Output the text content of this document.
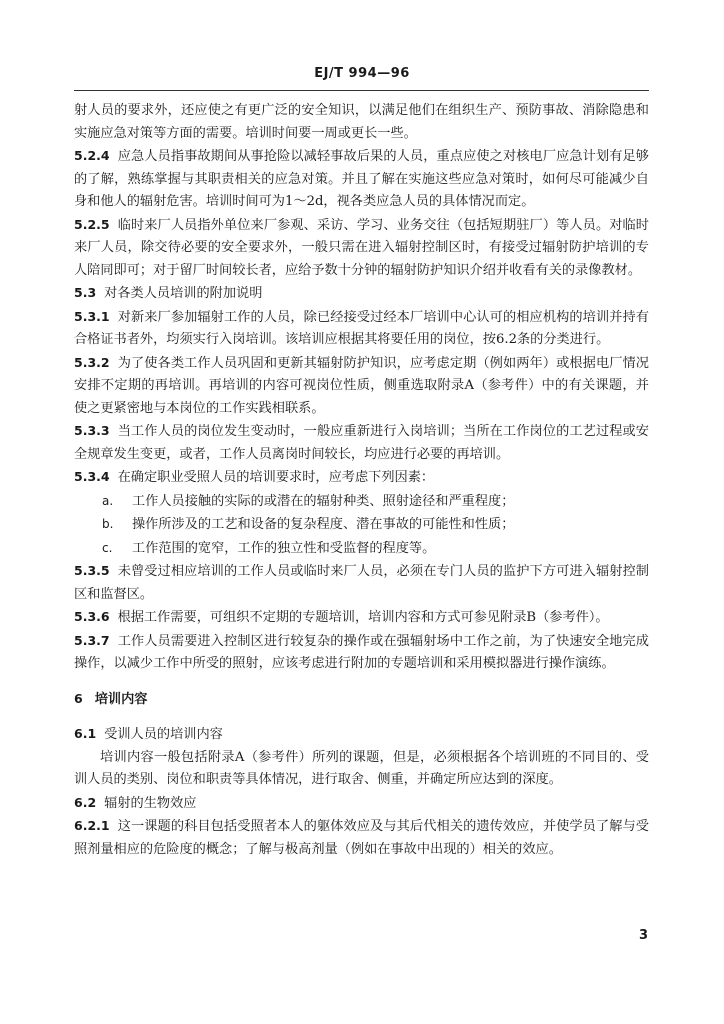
EJ/T 994—96

射人员的要求外，还应使之有更广泛的安全知识，以满足他们在组织生产、预防事故、消除隐患和实施应急对策等方面的需要。培训时间要一周或更长一些。

5.2.4 应急人员指事故期间从事抢险以减轻事故后果的人员，重点应使之对核电厂应急计划有足够的了解，熟练掌握与其职责相关的应急对策。并且了解在实施这些应急对策时，如何尽可能减少自身和他人的辐射危害。培训时间可为1～2d，视各类应急人员的具体情况而定。

5.2.5 临时来厂人员指外单位来厂参观、采访、学习、业务交往（包括短期驻厂）等人员。对临时来厂人员，除交待必要的安全要求外，一般只需在进入辐射控制区时，有接受过辐射防护培训的专人陪同即可；对于留厂时间较长者，应给予数十分钟的辐射防护知识介绍并收看有关的录像教材。

5.3 对各类人员培训的附加说明

5.3.1 对新来厂参加辐射工作的人员，除已经接受过经本厂培训中心认可的相应机构的培训并持有合格证书者外，均须实行入岗培训。该培训应根据其将要任用的岗位，按6.2条的分类进行。

5.3.2 为了使各类工作人员巩固和更新其辐射防护知识，应考虑定期（例如两年）或根据电厂情况安排不定期的再培训。再培训的内容可视岗位性质，侧重选取附录A（参考件）中的有关课题，并使之更紧密地与本岗位的工作实践相联系。

5.3.3 当工作人员的岗位发生变动时，一般应重新进行入岗培训；当所在工作岗位的工艺过程或安全规章发生变更，或者，工作人员离岗时间较长，均应进行必要的再培训。

5.3.4 在确定职业受照人员的培训要求时，应考虑下列因素：

a. 工作人员接触的实际的或潜在的辐射种类、照射途径和严重程度；

b. 操作所涉及的工艺和设备的复杂程度、潜在事故的可能性和性质；

c. 工作范围的宽窄，工作的独立性和受监督的程度等。

5.3.5 未曾受过相应培训的工作人员或临时来厂人员，必须在专门人员的监护下方可进入辐射控制区和监督区。

5.3.6 根据工作需要，可组织不定期的专题培训，培训内容和方式可参见附录B（参考件）。

5.3.7 工作人员需要进入控制区进行较复杂的操作或在强辐射场中工作之前，为了快速安全地完成操作，以减少工作中所受的照射，应该考虑进行附加的专题培训和采用模拟器进行操作演练。

6 培训内容

6.1 受训人员的培训内容

培训内容一般包括附录A（参考件）所列的课题，但是，必须根据各个培训班的不同目的、受训人员的类别、岗位和职责等具体情况，进行取舍、侧重，并确定所应达到的深度。

6.2 辐射的生物效应

6.2.1 这一课题的科目包括受照者本人的躯体效应及与其后代相关的遗传效应，并使学员了解与受照剂量相应的危险度的概念；了解与极高剂量（例如在事故中出现的）相关的效应。

3
